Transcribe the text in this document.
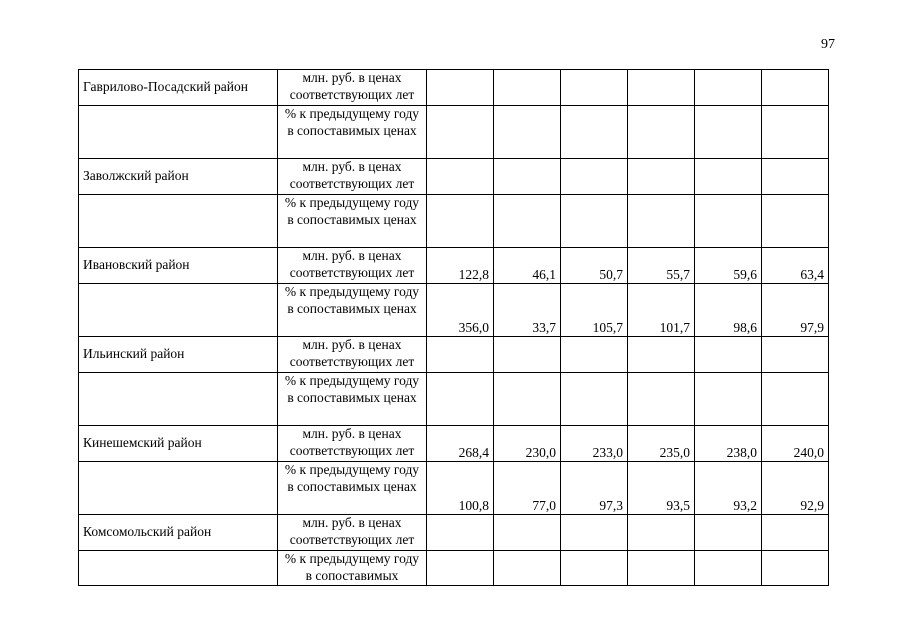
97
Гаврилово-Посадский район	млн. руб. в ценах соответствующих лет						
	% к предыдущему году в сопоставимых ценах						
Заволжский район	млн. руб. в ценах соответствующих лет						
	% к предыдущему году в сопоставимых ценах						
Ивановский район	млн. руб. в ценах соответствующих лет	122,8	46,1	50,7	55,7	59,6	63,4
	% к предыдущему году в сопоставимых ценах	356,0	33,7	105,7	101,7	98,6	97,9
Ильинский район	млн. руб. в ценах соответствующих лет						
	% к предыдущему году в сопоставимых ценах						
Кинешемский район	млн. руб. в ценах соответствующих лет	268,4	230,0	233,0	235,0	238,0	240,0
	% к предыдущему году в сопоставимых ценах	100,8	77,0	97,3	93,5	93,2	92,9
Комсомольский район	млн. руб. в ценах соответствующих лет						
	% к предыдущему году в сопоставимых						
